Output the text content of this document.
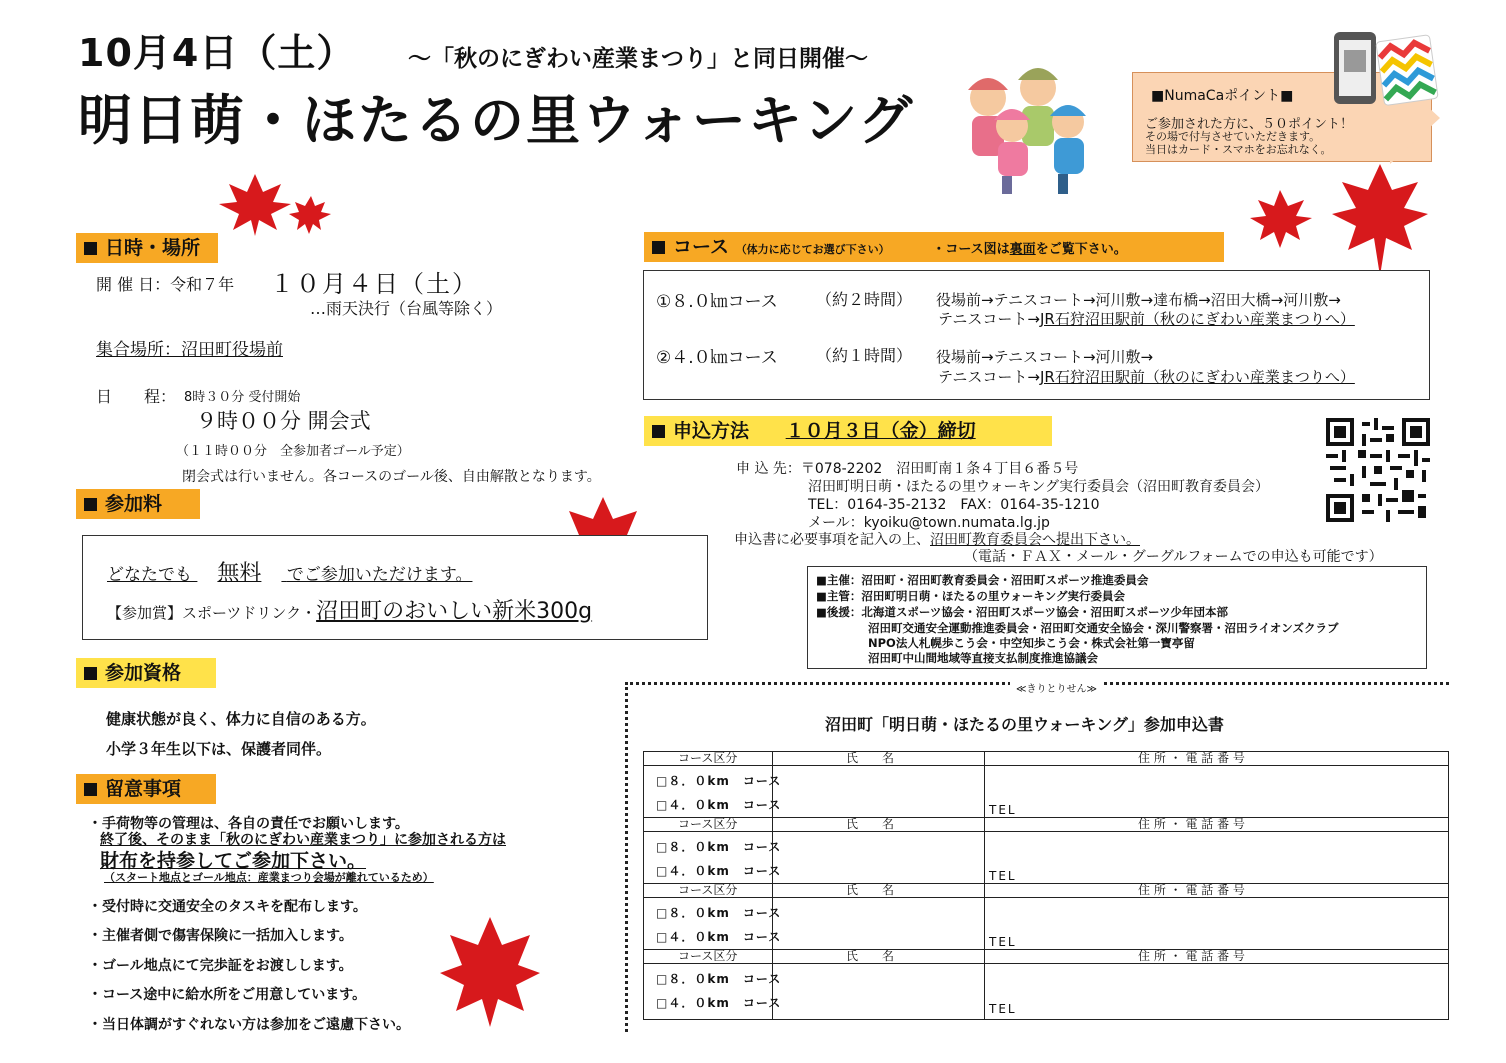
10月4日（土） ～「秋のにぎわい産業まつり」と同日開催～
明日萌・ほたるの里ウォーキング	■NumaCaポイント■
ご参加された方に、５０ポイント！
その場で付与させていただきます。
当日はカード・スマホをお忘れなく。
日時・場所
開 催 日：令和７年 １０月４日（土）
…雨天決行（台風等除く）
集合場所：沼田町役場前
日　　程： 8時３０分 受付開始
９時００分 開会式
（１１時００分　全参加者ゴール予定）
閉会式は行いません。各コースのゴール後、自由解散となります。
参加料
どなたでも 無料 でご参加いただけます。
【参加賞】スポーツドリンク・沼田町のおいしい新米300g
参加資格
健康状態が良く、体力に自信のある方。
小学３年生以下は、保護者同伴。
留意事項
・手荷物等の管理は、各自の責任でお願いします。
終了後、そのまま「秋のにぎわい産業まつり」に参加される方は
財布を持参してご参加下さい。
（スタート地点とゴール地点：産業まつり会場が離れているため）
・受付時に交通安全のタスキを配布します。
・主催者側で傷害保険に一括加入します。
・ゴール地点にて完歩証をお渡しします。
・コース途中に給水所をご用意しています。
・当日体調がすぐれない方は参加をご遠慮下さい。
コース （体力に応じてお選び下さい）	・コース図は裏面をご覧下さい。
①８.０㎞コース （約２時間） 役場前→テニスコート→河川敷→達布橋→沼田大橋→河川敷→
テニスコート→JR石狩沼田駅前（秋のにぎわい産業まつりへ）
②４.０㎞コース （約１時間） 役場前→テニスコート→河川敷→
テニスコート→JR石狩沼田駅前（秋のにぎわい産業まつりへ）
申込方法 １０月３日（金）締切
申 込 先：〒078-2202　沼田町南１条４丁目６番５号
沼田町明日萌・ほたるの里ウォーキング実行委員会（沼田町教育委員会）
TEL：0164-35-2132　FAX：0164-35-1210
メール：kyoiku@town.numata.lg.jp
申込書に必要事項を記入の上、沼田町教育委員会へ提出下さい。
（電話・ＦＡＸ・メール・グーグルフォームでの申込も可能です）
■主催：沼田町・沼田町教育委員会・沼田町スポーツ推進委員会
■主管：沼田町明日萌・ほたるの里ウォーキング実行委員会
■後援：北海道スポーツ協会・沼田町スポーツ協会・沼田町スポーツ少年団本部
沼田町交通安全運動推進委員会・沼田町交通安全協会・深川警察署・沼田ライオンズクラブ
NPO法人札幌歩こう会・中空知歩こう会・株式会社第一寶亭留
沼田町中山間地域等直接支払制度推進協議会
≪きりとりせん≫
沼田町「明日萌・ほたるの里ウォーキング」参加申込書
コース区分	氏　　名	住 所 ・ 電 話 番 号
□８．０km　コース
□４．０km　コース	TEL
コース区分	氏　　名	住 所 ・ 電 話 番 号
□８．０km　コース
□４．０km　コース	TEL
コース区分	氏　　名	住 所 ・ 電 話 番 号
□８．０km　コース
□４．０km　コース	TEL
コース区分	氏　　名	住 所 ・ 電 話 番 号
□８．０km　コース
□４．０km　コース	TEL
